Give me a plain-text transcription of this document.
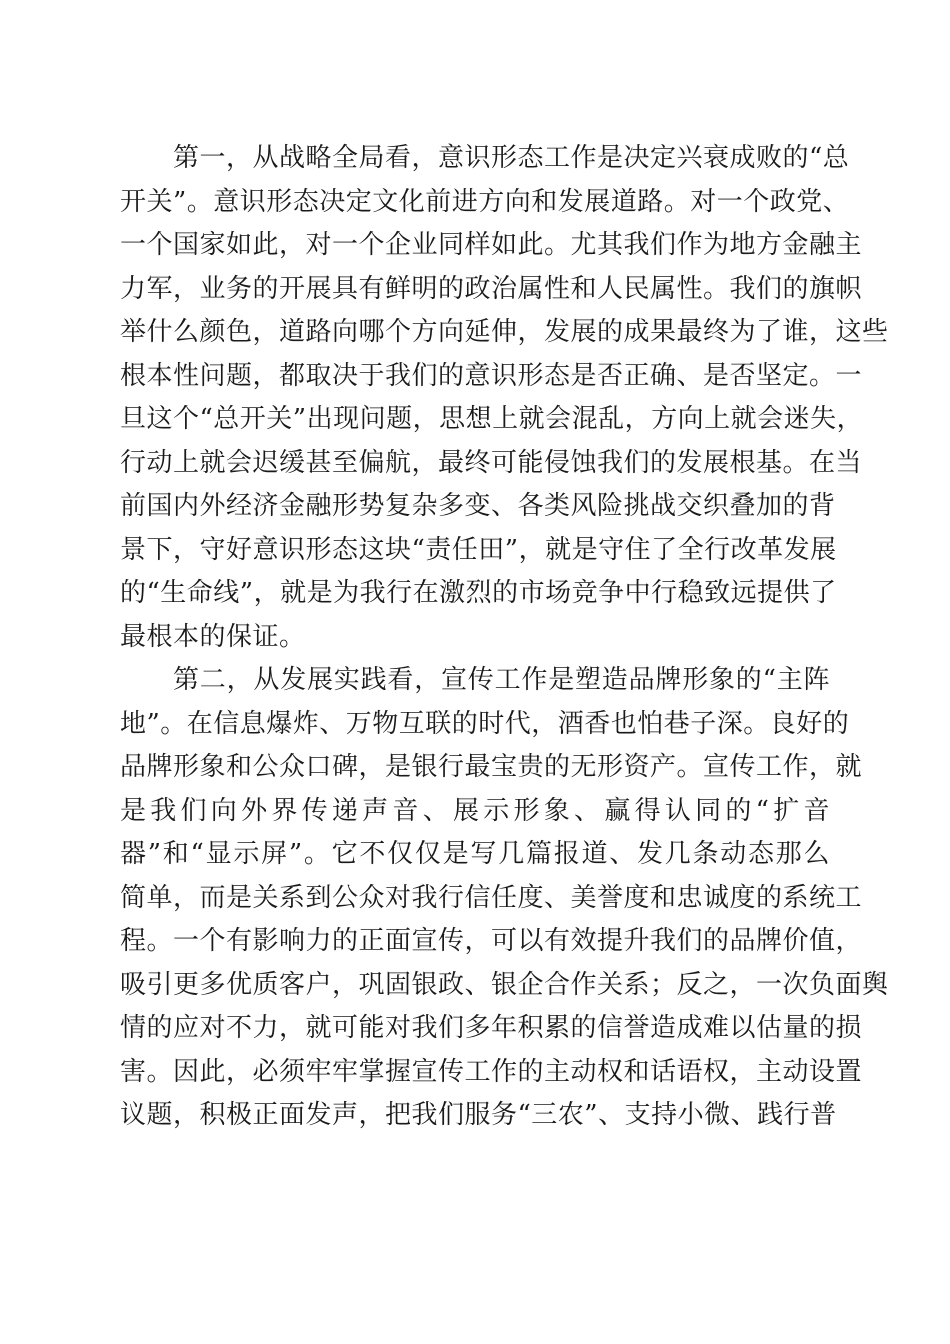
第一，从战略全局看，意识形态工作是决定兴衰成败的“总
开关”。意识形态决定文化前进方向和发展道路。对一个政党、
一个国家如此，对一个企业同样如此。尤其我们作为地方金融主
力军，业务的开展具有鲜明的政治属性和人民属性。我们的旗帜
举什么颜色，道路向哪个方向延伸，发展的成果最终为了谁，这些
根本性问题，都取决于我们的意识形态是否正确、是否坚定。一
旦这个“总开关”出现问题，思想上就会混乱，方向上就会迷失，
行动上就会迟缓甚至偏航，最终可能侵蚀我们的发展根基。在当
前国内外经济金融形势复杂多变、各类风险挑战交织叠加的背
景下，守好意识形态这块“责任田”，就是守住了全行改革发展
的“生命线”，就是为我行在激烈的市场竞争中行稳致远提供了
最根本的保证。
第二，从发展实践看，宣传工作是塑造品牌形象的“主阵
地”。在信息爆炸、万物互联的时代，酒香也怕巷子深。良好的
品牌形象和公众口碑，是银行最宝贵的无形资产。宣传工作，就
是我们向外界传递声音、展示形象、赢得认同的“扩音
器”和“显示屏”。它不仅仅是写几篇报道、发几条动态那么
简单，而是关系到公众对我行信任度、美誉度和忠诚度的系统工
程。一个有影响力的正面宣传，可以有效提升我们的品牌价值，
吸引更多优质客户，巩固银政、银企合作关系；反之，一次负面舆
情的应对不力，就可能对我们多年积累的信誉造成难以估量的损
害。因此，必须牢牢掌握宣传工作的主动权和话语权，主动设置
议题，积极正面发声，把我们服务“三农”、支持小微、践行普
